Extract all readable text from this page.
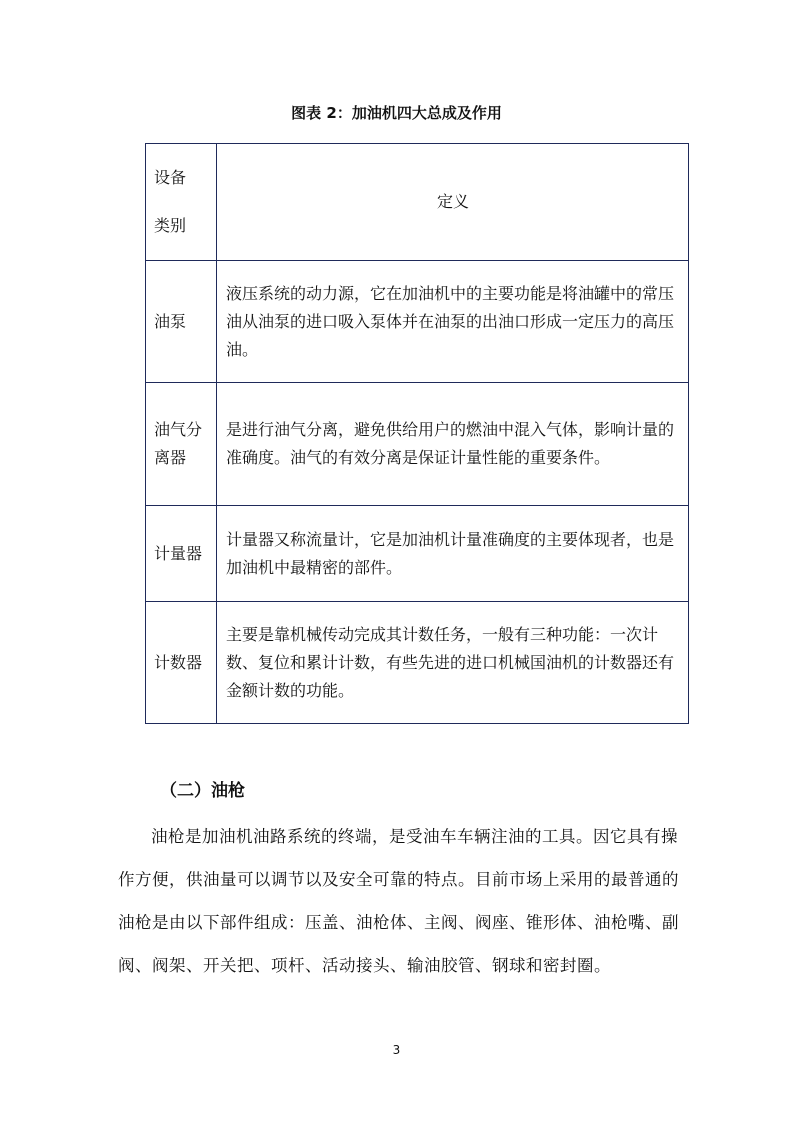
图表 2：加油机四大总成及作用
设备
类别	定义
油泵	液压系统的动力源，它在加油机中的主要功能是将油罐中的常压油从油泵的进口吸入泵体并在油泵的出油口形成一定压力的高压油。
油气分离器	是进行油气分离，避免供给用户的燃油中混入气体，影响计量的准确度。油气的有效分离是保证计量性能的重要条件。
计量器	计量器又称流量计，它是加油机计量准确度的主要体现者，也是加油机中最精密的部件。
计数器	主要是靠机械传动完成其计数任务，一般有三种功能：一次计数、复位和累计计数，有些先进的进口机械国油机的计数器还有金额计数的功能。
（二）油枪

油枪是加油机油路系统的终端，是受油车车辆注油的工具。因它具有操作方便，供油量可以调节以及安全可靠的特点。目前市场上采用的最普通的油枪是由以下部件组成：压盖、油枪体、主阀、阀座、锥形体、油枪嘴、副阀、阀架、开关把、项杆、活动接头、输油胶管、钢球和密封圈。

3
